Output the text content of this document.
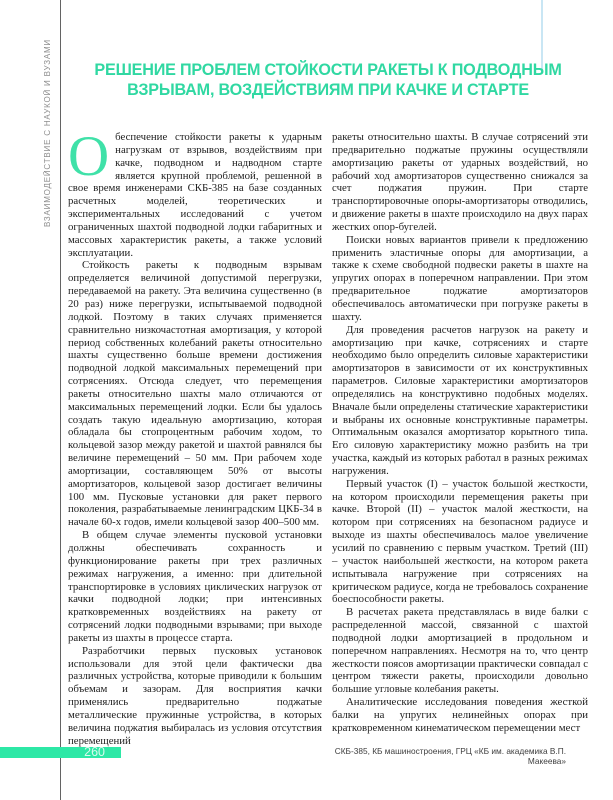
ВЗАИМОДЕЙСТВИЕ С НАУКОЙ И ВУЗАМИ	РЕШЕНИЕ ПРОБЛЕМ СТОЙКОСТИ РАКЕТЫ К ПОДВОДНЫМ
ВЗРЫВАМ, ВОЗДЕЙСТВИЯМ ПРИ КАЧКЕ И СТАРТЕ

Обеспечение стойкости ракеты к ударным нагрузкам от взрывов, воздействиям при качке, подводном и надводном старте является крупной проблемой, решенной в свое время инженерами СКБ-385 на базе созданных расчетных моделей, теоретических и экспериментальных исследований с учетом ограниченных шахтой подводной лодки габаритных и массовых характеристик ракеты, а также условий эксплуатации.

Стойкость ракеты к подводным взрывам определяется величиной допустимой перегрузки, передаваемой на ракету. Эта величина существенно (в 20 раз) ниже перегрузки, испытываемой подводной лодкой. Поэтому в таких случаях применяется сравнительно низкочастотная амортизация, у которой период собственных колебаний ракеты относительно шахты существенно больше времени достижения подводной лодкой максимальных перемещений при сотрясениях. Отсюда следует, что перемещения ракеты относительно шахты мало отличаются от максимальных перемещений лодки. Если бы удалось создать такую идеальную амортизацию, которая обладала бы стопроцентным рабочим ходом, то кольцевой зазор между ракетой и шахтой равнялся бы величине перемещений – 50 мм. При рабочем ходе амортизации, составляющем 50% от высоты амортизаторов, кольцевой зазор достигает величины 100 мм. Пусковые установки для ракет первого поколения, разрабатываемые ленинградским ЦКБ-34 в начале 60-х годов, имели кольцевой зазор 400–500 мм.

В общем случае элементы пусковой установки должны обеспечивать сохранность и функционирование ракеты при трех различных режимах нагружения, а именно: при длительной транспортировке в условиях циклических нагрузок от качки подводной лодки; при интенсивных кратковременных воздействиях на ракету от сотрясений лодки подводными взрывами; при выходе ракеты из шахты в процессе старта.

Разработчики первых пусковых установок использовали для этой цели фактически два различных устройства, которые приводили к большим объемам и зазорам. Для восприятия качки применялись предварительно поджатые металлические пружинные устройства, в которых величина поджатия выбиралась из условия отсутствия перемещений

ракеты относительно шахты. В случае сотрясений эти предварительно поджатые пружины осуществляли амортизацию ракеты от ударных воздействий, но рабочий ход амортизаторов существенно снижался за счет поджатия пружин. При старте транспортировочные опоры-амортизаторы отводились, и движение ракеты в шахте происходило на двух парах жестких опор-бугелей.

Поиски новых вариантов привели к предложению применить эластичные опоры для амортизации, а также к схеме свободной подвески ракеты в шахте на упругих опорах в поперечном направлении. При этом предварительное поджатие амортизаторов обеспечивалось автоматически при погрузке ракеты в шахту.

Для проведения расчетов нагрузок на ракету и амортизацию при качке, сотрясениях и старте необходимо было определить силовые характеристики амортизаторов в зависимости от их конструктивных параметров. Силовые характеристики амортизаторов определялись на конструктивно подобных моделях. Вначале были определены статические характеристики и выбраны их основные конструктивные параметры. Оптимальным оказался амортизатор корытного типа. Его силовую характеристику можно разбить на три участка, каждый из которых работал в разных режимах нагружения.

Первый участок (I) – участок большой жесткости, на котором происходили перемещения ракеты при качке. Второй (II) – участок малой жесткости, на котором при сотрясениях на безопасном радиусе и выходе из шахты обеспечивалось малое увеличение усилий по сравнению с первым участком. Третий (III) – участок наибольшей жесткости, на котором ракета испытывала нагружение при сотрясениях на критическом радиусе, когда не требовалось сохранение боеспособности ракеты.

В расчетах ракета представлялась в виде балки с распределенной массой, связанной с шахтой подводной лодки амортизацией в продольном и поперечном направлениях. Несмотря на то, что центр жесткости поясов амортизации практически совпадал с центром тяжести ракеты, происходили довольно большие угловые колебания ракеты.

Аналитические исследования поведения жесткой балки на упругих нелинейных опорах при кратковременном кинематическом перемещении мест

260	СКБ-385, КБ машиностроения, ГРЦ «КБ им. академика В.П. Макеева»
